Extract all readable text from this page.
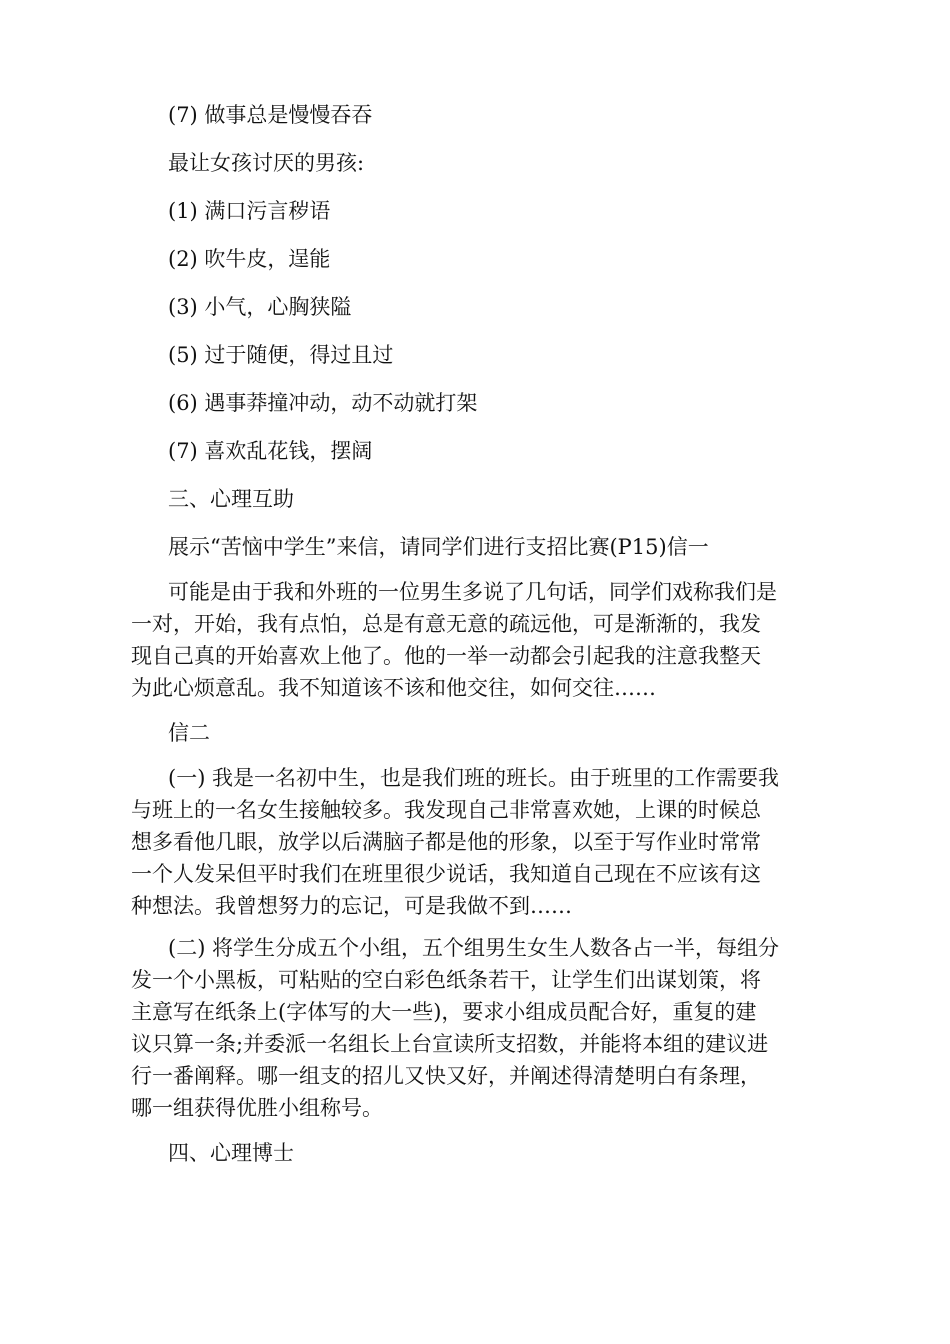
(7) 做事总是慢慢吞吞
最让女孩讨厌的男孩:
(1) 满口污言秽语
(2) 吹牛皮，逞能
(3) 小气，心胸狭隘
(5) 过于随便，得过且过
(6) 遇事莽撞冲动，动不动就打架
(7) 喜欢乱花钱，摆阔
三、心理互助
展示“苦恼中学生”来信，请同学们进行支招比赛(P15)信一
可能是由于我和外班的一位男生多说了几句话，同学们戏称我们是
一对，开始，我有点怕，总是有意无意的疏远他，可是渐渐的，我发
现自己真的开始喜欢上他了。他的一举一动都会引起我的注意我整天
为此心烦意乱。我不知道该不该和他交往，如何交往……
信二
(一) 我是一名初中生，也是我们班的班长。由于班里的工作需要我
与班上的一名女生接触较多。我发现自己非常喜欢她，上课的时候总
想多看他几眼，放学以后满脑子都是他的形象，以至于写作业时常常
一个人发呆但平时我们在班里很少说话，我知道自己现在不应该有这
种想法。我曾想努力的忘记，可是我做不到……
(二) 将学生分成五个小组，五个组男生女生人数各占一半，每组分
发一个小黑板，可粘贴的空白彩色纸条若干，让学生们出谋划策，将
主意写在纸条上(字体写的大一些)，要求小组成员配合好，重复的建
议只算一条;并委派一名组长上台宣读所支招数，并能将本组的建议进
行一番阐释。哪一组支的招儿又快又好，并阐述得清楚明白有条理，
哪一组获得优胜小组称号。
四、心理博士
